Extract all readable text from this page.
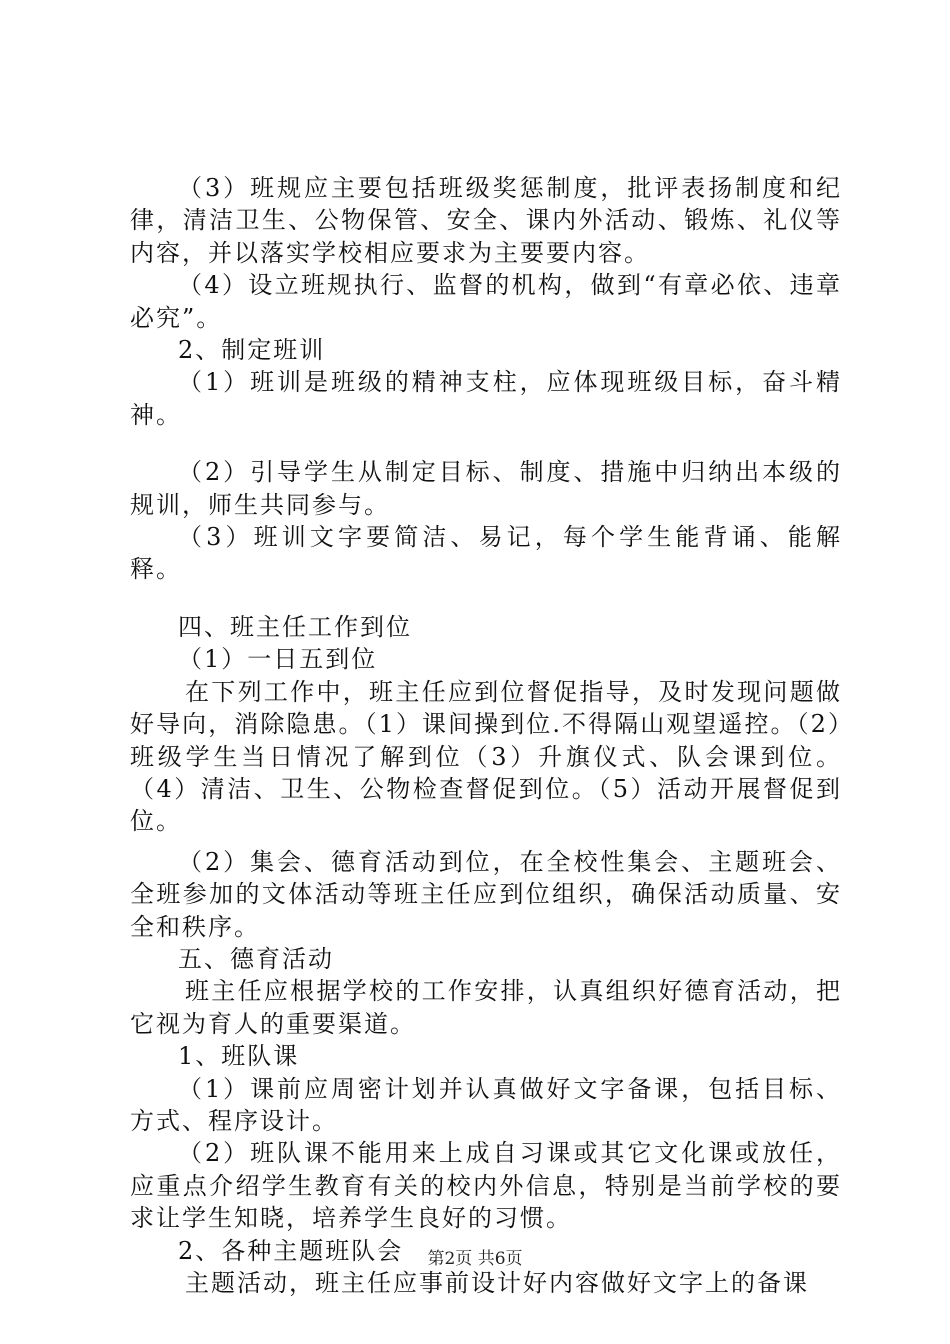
（3）班规应主要包括班级奖惩制度，批评表扬制度和纪律，清洁卫生、公物保管、安全、课内外活动、锻炼、礼仪等内容，并以落实学校相应要求为主要要内容。

（4）设立班规执行、监督的机构，做到“有章必依、违章必究”。

2、制定班训

（1）班训是班级的精神支柱，应体现班级目标，奋斗精神。

（2）引导学生从制定目标、制度、措施中归纳出本级的规训，师生共同参与。

（3）班训文字要简洁、易记，每个学生能背诵、能解释。

四、班主任工作到位

（1）一日五到位

在下列工作中，班主任应到位督促指导，及时发现问题做好导向，消除隐患。（1）课间操到位.不得隔山观望遥控。（2）班级学生当日情况了解到位（3）升旗仪式、队会课到位。（4）清洁、卫生、公物检查督促到位。（5）活动开展督促到位。

（2）集会、德育活动到位，在全校性集会、主题班会、全班参加的文体活动等班主任应到位组织，确保活动质量、安全和秩序。

五、德育活动

班主任应根据学校的工作安排，认真组织好德育活动，把它视为育人的重要渠道。

1、班队课

（1）课前应周密计划并认真做好文字备课，包括目标、方式、程序设计。

（2）班队课不能用来上成自习课或其它文化课或放任，应重点介绍学生教育有关的校内外信息，特别是当前学校的要求让学生知晓，培养学生良好的习惯。

2、各种主题班队会

主题活动，班主任应事前设计好内容做好文字上的备课

第2页 共6页
